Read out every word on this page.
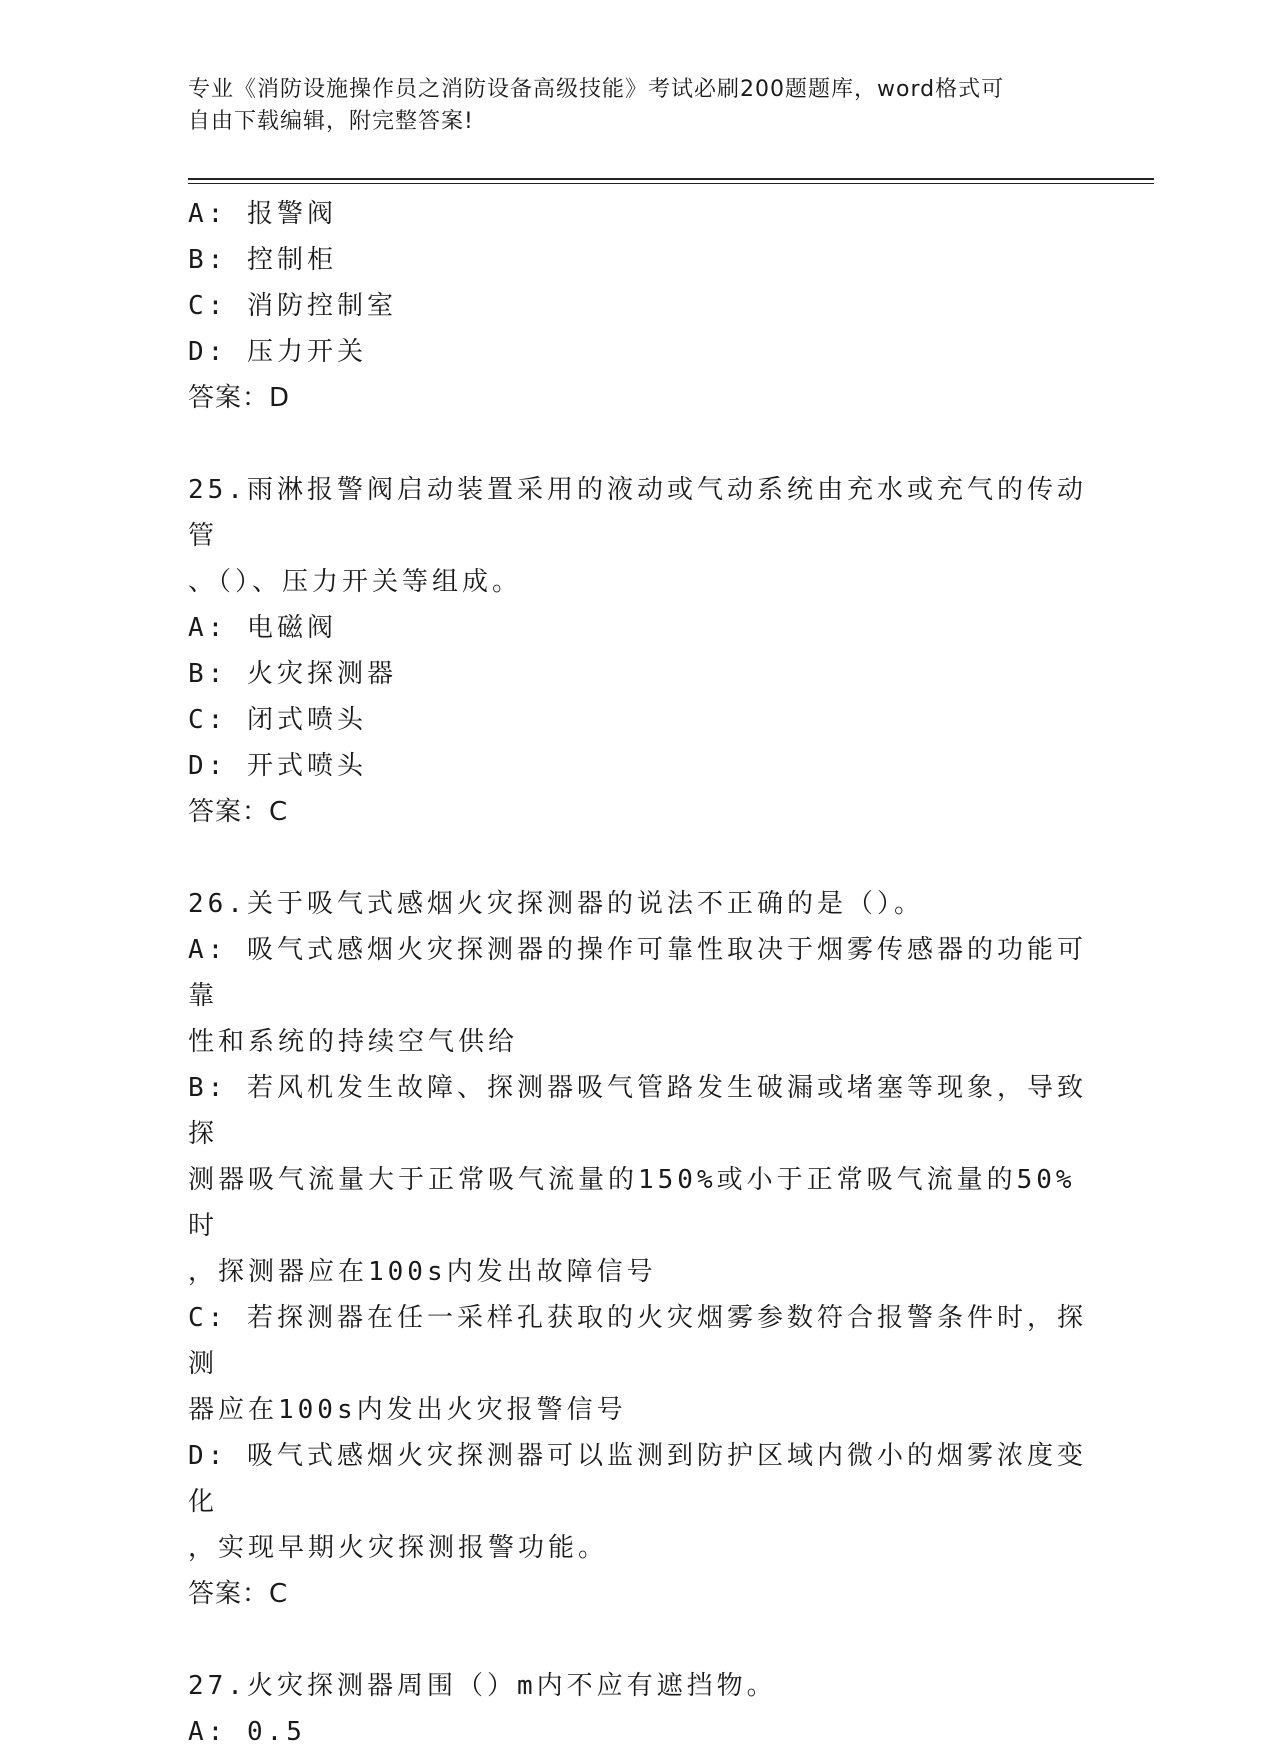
专业《消防设施操作员之消防设备高级技能》考试必刷200题题库，word格式可
自由下载编辑，附完整答案!

A: 报警阀

B: 控制柜

C: 消防控制室

D: 压力开关

答案：D

25.雨淋报警阀启动装置采用的液动或气动系统由充水或充气的传动管

、（）、压力开关等组成。

A: 电磁阀

B: 火灾探测器

C: 闭式喷头

D: 开式喷头

答案：C

26.关于吸气式感烟火灾探测器的说法不正确的是（）。

A: 吸气式感烟火灾探测器的操作可靠性取决于烟雾传感器的功能可靠

性和系统的持续空气供给

B: 若风机发生故障、探测器吸气管路发生破漏或堵塞等现象，导致探

测器吸气流量大于正常吸气流量的150%或小于正常吸气流量的50%时

，探测器应在100s内发出故障信号

C: 若探测器在任一采样孔获取的火灾烟雾参数符合报警条件时，探测

器应在100s内发出火灾报警信号

D: 吸气式感烟火灾探测器可以监测到防护区域内微小的烟雾浓度变化

，实现早期火灾探测报警功能。

答案：C

27.火灾探测器周围（）m内不应有遮挡物。

A: 0.5
